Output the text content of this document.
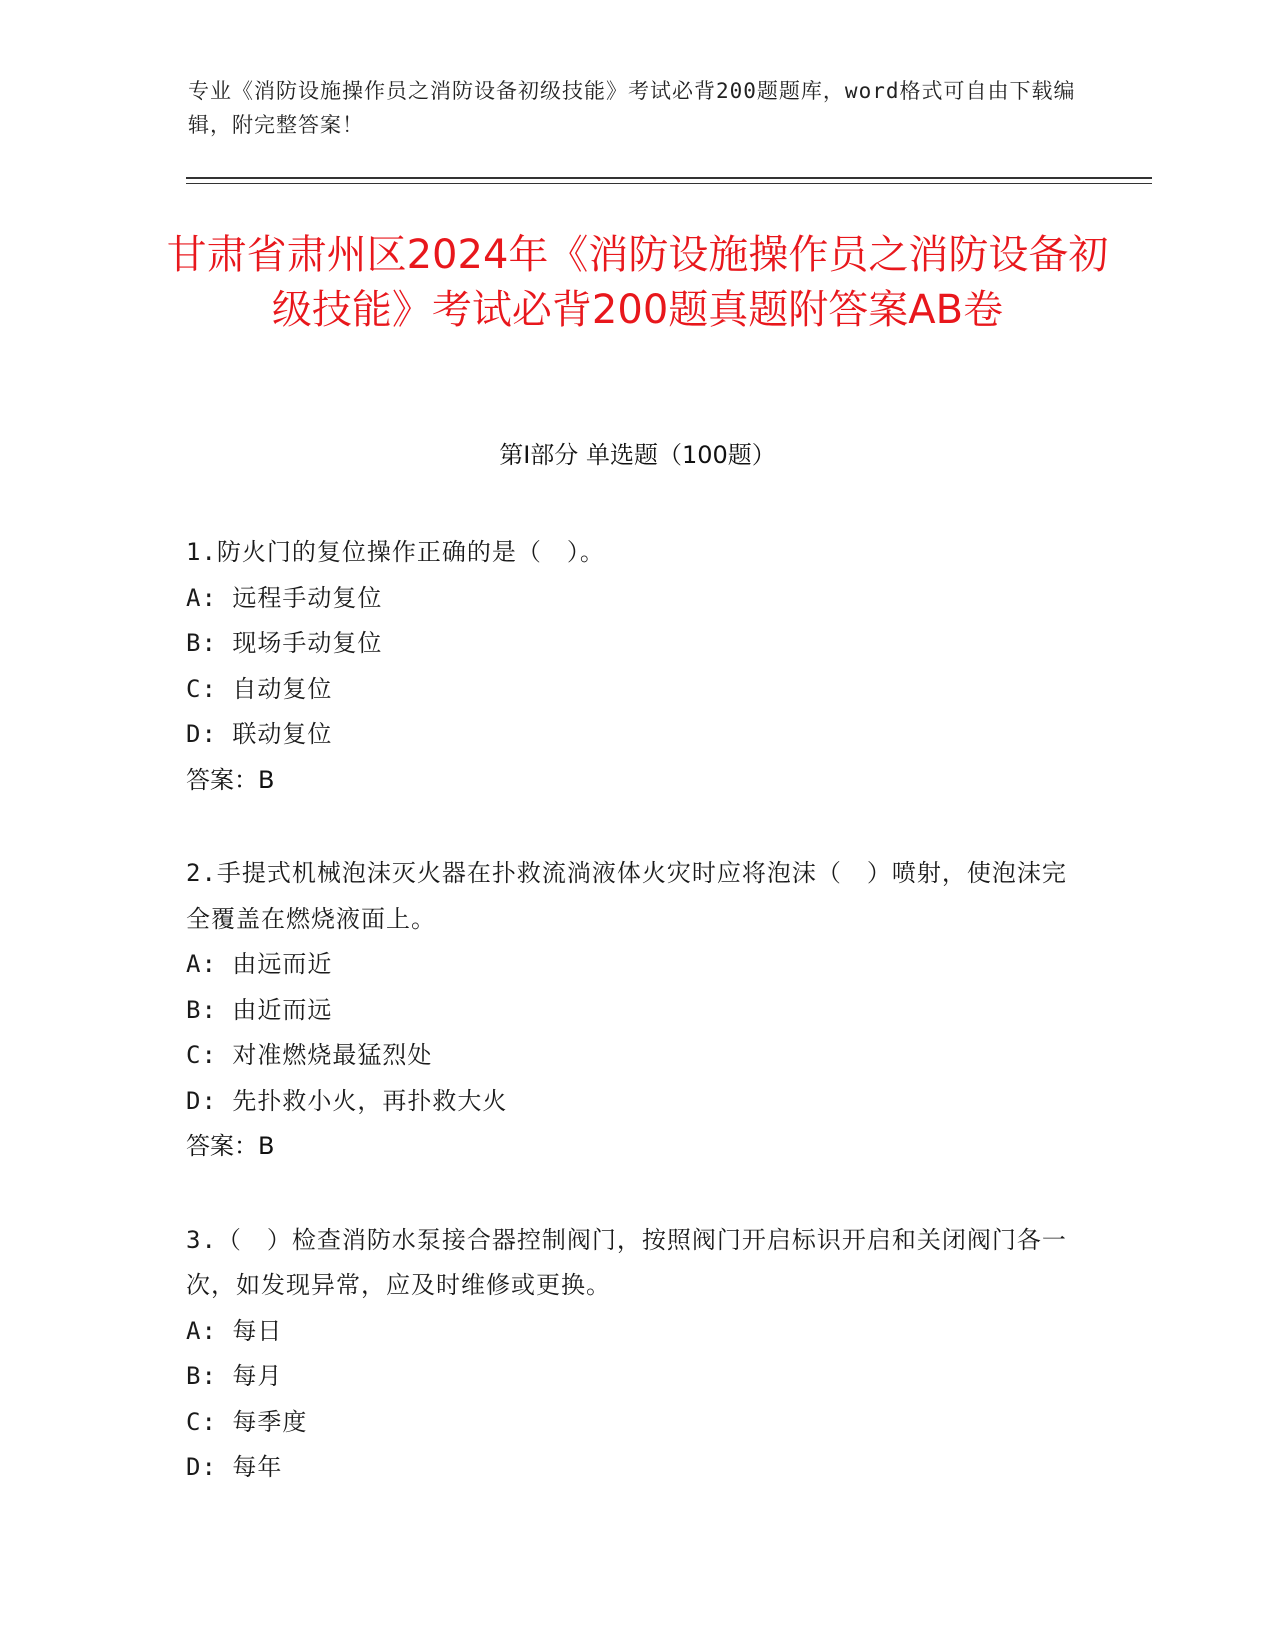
专业《消防设施操作员之消防设备初级技能》考试必背200题题库，word格式可自由下载编辑，附完整答案！
甘肃省肃州区2024年《消防设施操作员之消防设备初级技能》考试必背200题真题附答案AB卷
第I部分 单选题（100题）

1.防火门的复位操作正确的是（　）。

A: 远程手动复位

B: 现场手动复位

C: 自动复位

D: 联动复位

答案：B

2.手提式机械泡沫灭火器在扑救流淌液体火灾时应将泡沫（　）喷射，使泡沫完全覆盖在燃烧液面上。

A: 由远而近

B: 由近而远

C: 对准燃烧最猛烈处

D: 先扑救小火，再扑救大火

答案：B

3.（　）检查消防水泵接合器控制阀门，按照阀门开启标识开启和关闭阀门各一次，如发现异常，应及时维修或更换。

A: 每日

B: 每月

C: 每季度

D: 每年
